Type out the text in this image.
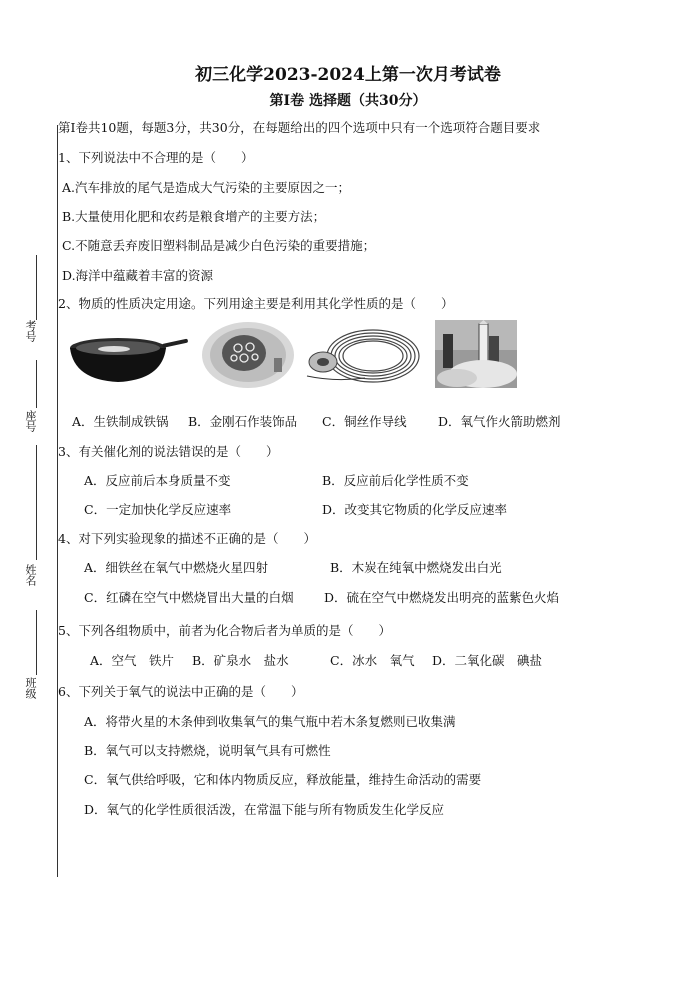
考号
座号
姓名
班级
初三化学2023-2024上第一次月考试卷
第Ⅰ卷 选择题（共30分）
第Ⅰ卷共10题，每题3分，共30分，在每题给出的四个选项中只有一个选项符合题目要求
1、下列说法中不合理的是（　　）
A.汽车排放的尾气是造成大气污染的主要原因之一；
B.大量使用化肥和农药是粮食增产的主要方法；
C.不随意丢弃废旧塑料制品是减少白色污染的重要措施；
D.海洋中蕴藏着丰富的资源
2、物质的性质决定用途。下列用途主要是利用其化学性质的是（　　）
A．生铁制成铁锅 B．金刚石作装饰品 C．铜丝作导线	D．氧气作火箭助燃剂
3、有关催化剂的说法错误的是（　　）
A．反应前后本身质量不变	B．反应前后化学性质不变
C．一定加快化学反应速率	D．改变其它物质的化学反应速率
4、对下列实验现象的描述不正确的是（　　）
A．细铁丝在氧气中燃烧火星四射	B．木炭在纯氧中燃烧发出白光
C．红磷在空气中燃烧冒出大量的白烟 D．硫在空气中燃烧发出明亮的蓝紫色火焰
5、下列各组物质中，前者为化合物后者为单质的是（　　）
A．空气　铁片 B．矿泉水　盐水	C．冰水　氧气 D．二氧化碳　碘盐
6、下列关于氧气的说法中正确的是（　　）
A．将带火星的木条伸到收集氧气的集气瓶中若木条复燃则已收集满
B．氧气可以支持燃烧，说明氧气具有可燃性
C．氧气供给呼吸，它和体内物质反应，释放能量，维持生命活动的需要
D．氧气的化学性质很活泼，在常温下能与所有物质发生化学反应
